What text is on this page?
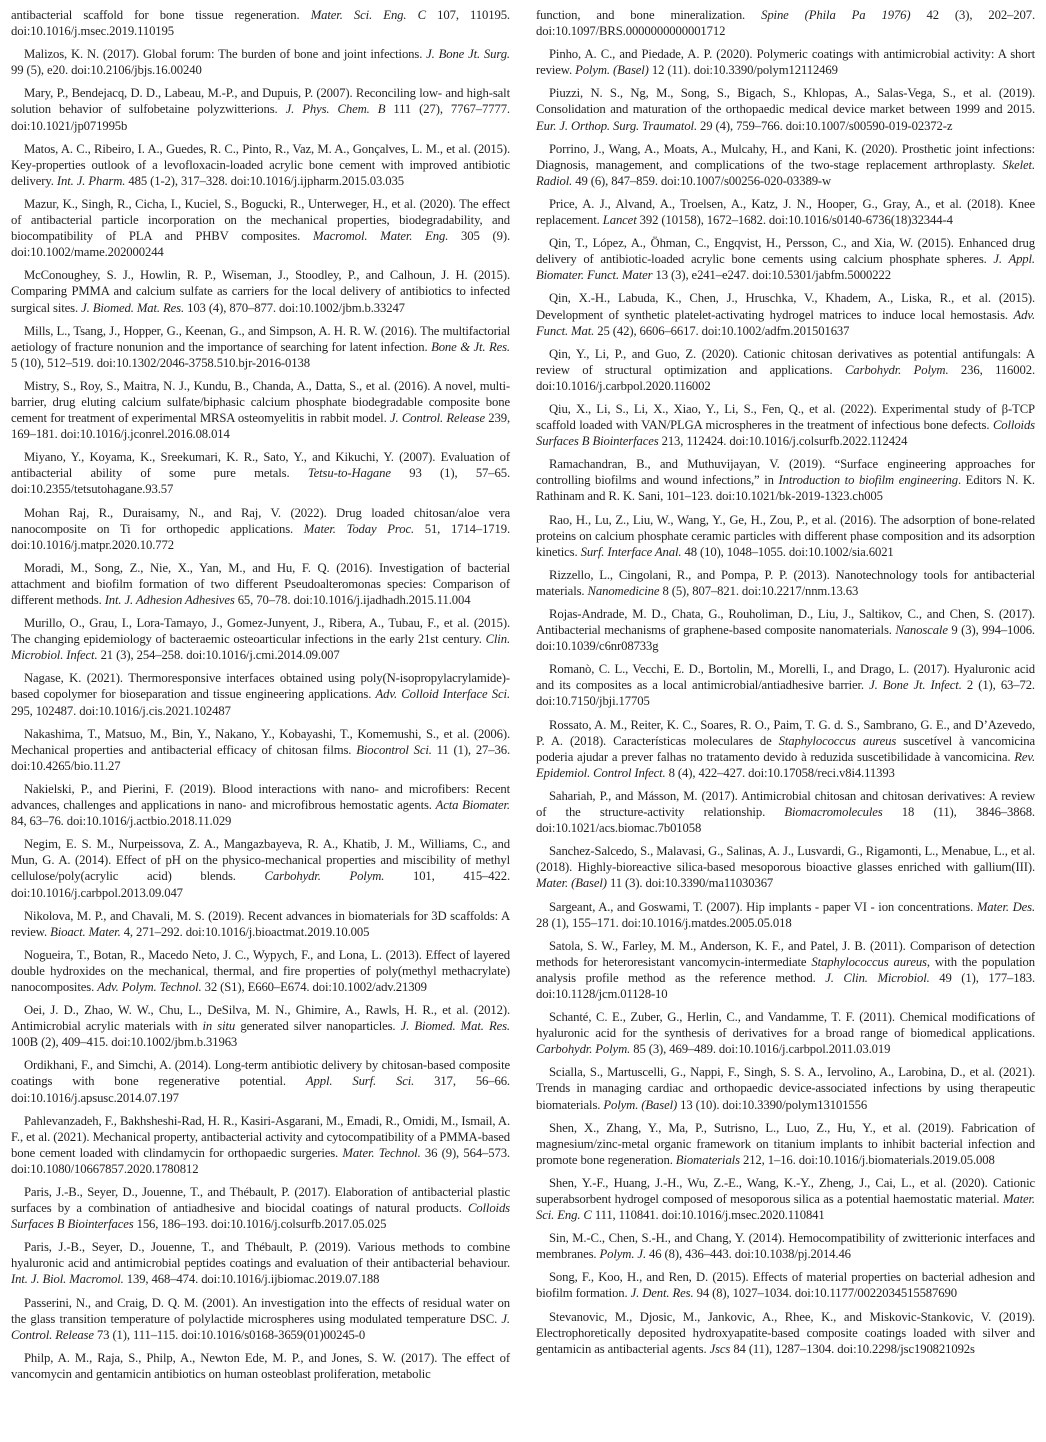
antibacterial scaffold for bone tissue regeneration. Mater. Sci. Eng. C 107, 110195. doi:10.1016/j.msec.2019.110195

Malizos, K. N. (2017). Global forum: The burden of bone and joint infections. J. Bone Jt. Surg. 99 (5), e20. doi:10.2106/jbjs.16.00240

Mary, P., Bendejacq, D. D., Labeau, M.-P., and Dupuis, P. (2007). Reconciling low- and high-salt solution behavior of sulfobetaine polyzwitterions. J. Phys. Chem. B 111 (27), 7767–7777. doi:10.1021/jp071995b

Matos, A. C., Ribeiro, I. A., Guedes, R. C., Pinto, R., Vaz, M. A., Gonçalves, L. M., et al. (2015). Key-properties outlook of a levofloxacin-loaded acrylic bone cement with improved antibiotic delivery. Int. J. Pharm. 485 (1-2), 317–328. doi:10.1016/j.ijpharm.2015.03.035

Mazur, K., Singh, R., Cicha, I., Kuciel, S., Bogucki, R., Unterweger, H., et al. (2020). The effect of antibacterial particle incorporation on the mechanical properties, biodegradability, and biocompatibility of PLA and PHBV composites. Macromol. Mater. Eng. 305 (9). doi:10.1002/mame.202000244

McConoughey, S. J., Howlin, R. P., Wiseman, J., Stoodley, P., and Calhoun, J. H. (2015). Comparing PMMA and calcium sulfate as carriers for the local delivery of antibiotics to infected surgical sites. J. Biomed. Mat. Res. 103 (4), 870–877. doi:10.1002/jbm.b.33247

Mills, L., Tsang, J., Hopper, G., Keenan, G., and Simpson, A. H. R. W. (2016). The multifactorial aetiology of fracture nonunion and the importance of searching for latent infection. Bone & Jt. Res. 5 (10), 512–519. doi:10.1302/2046-3758.510.bjr-2016-0138

Mistry, S., Roy, S., Maitra, N. J., Kundu, B., Chanda, A., Datta, S., et al. (2016). A novel, multi-barrier, drug eluting calcium sulfate/biphasic calcium phosphate biodegradable composite bone cement for treatment of experimental MRSA osteomyelitis in rabbit model. J. Control. Release 239, 169–181. doi:10.1016/j.jconrel.2016.08.014

Miyano, Y., Koyama, K., Sreekumari, K. R., Sato, Y., and Kikuchi, Y. (2007). Evaluation of antibacterial ability of some pure metals. Tetsu-to-Hagane 93 (1), 57–65. doi:10.2355/tetsutohagane.93.57

Mohan Raj, R., Duraisamy, N., and Raj, V. (2022). Drug loaded chitosan/aloe vera nanocomposite on Ti for orthopedic applications. Mater. Today Proc. 51, 1714–1719. doi:10.1016/j.matpr.2020.10.772

Moradi, M., Song, Z., Nie, X., Yan, M., and Hu, F. Q. (2016). Investigation of bacterial attachment and biofilm formation of two different Pseudoalteromonas species: Comparison of different methods. Int. J. Adhesion Adhesives 65, 70–78. doi:10.1016/j.ijadhadh.2015.11.004

Murillo, O., Grau, I., Lora-Tamayo, J., Gomez-Junyent, J., Ribera, A., Tubau, F., et al. (2015). The changing epidemiology of bacteraemic osteoarticular infections in the early 21st century. Clin. Microbiol. Infect. 21 (3), 254–258. doi:10.1016/j.cmi.2014.09.007

Nagase, K. (2021). Thermoresponsive interfaces obtained using poly(N-isopropylacrylamide)-based copolymer for bioseparation and tissue engineering applications. Adv. Colloid Interface Sci. 295, 102487. doi:10.1016/j.cis.2021.102487

Nakashima, T., Matsuo, M., Bin, Y., Nakano, Y., Kobayashi, T., Komemushi, S., et al. (2006). Mechanical properties and antibacterial efficacy of chitosan films. Biocontrol Sci. 11 (1), 27–36. doi:10.4265/bio.11.27

Nakielski, P., and Pierini, F. (2019). Blood interactions with nano- and microfibers: Recent advances, challenges and applications in nano- and microfibrous hemostatic agents. Acta Biomater. 84, 63–76. doi:10.1016/j.actbio.2018.11.029

Negim, E. S. M., Nurpeissova, Z. A., Mangazbayeva, R. A., Khatib, J. M., Williams, C., and Mun, G. A. (2014). Effect of pH on the physico-mechanical properties and miscibility of methyl cellulose/poly(acrylic acid) blends. Carbohydr. Polym. 101, 415–422. doi:10.1016/j.carbpol.2013.09.047

Nikolova, M. P., and Chavali, M. S. (2019). Recent advances in biomaterials for 3D scaffolds: A review. Bioact. Mater. 4, 271–292. doi:10.1016/j.bioactmat.2019.10.005

Nogueira, T., Botan, R., Macedo Neto, J. C., Wypych, F., and Lona, L. (2013). Effect of layered double hydroxides on the mechanical, thermal, and fire properties of poly(methyl methacrylate) nanocomposites. Adv. Polym. Technol. 32 (S1), E660–E674. doi:10.1002/adv.21309

Oei, J. D., Zhao, W. W., Chu, L., DeSilva, M. N., Ghimire, A., Rawls, H. R., et al. (2012). Antimicrobial acrylic materials with in situ generated silver nanoparticles. J. Biomed. Mat. Res. 100B (2), 409–415. doi:10.1002/jbm.b.31963

Ordikhani, F., and Simchi, A. (2014). Long-term antibiotic delivery by chitosan-based composite coatings with bone regenerative potential. Appl. Surf. Sci. 317, 56–66. doi:10.1016/j.apsusc.2014.07.197

Pahlevanzadeh, F., Bakhsheshi-Rad, H. R., Kasiri-Asgarani, M., Emadi, R., Omidi, M., Ismail, A. F., et al. (2021). Mechanical property, antibacterial activity and cytocompatibility of a PMMA-based bone cement loaded with clindamycin for orthopaedic surgeries. Mater. Technol. 36 (9), 564–573. doi:10.1080/10667857.2020.1780812

Paris, J.-B., Seyer, D., Jouenne, T., and Thébault, P. (2017). Elaboration of antibacterial plastic surfaces by a combination of antiadhesive and biocidal coatings of natural products. Colloids Surfaces B Biointerfaces 156, 186–193. doi:10.1016/j.colsurfb.2017.05.025

Paris, J.-B., Seyer, D., Jouenne, T., and Thébault, P. (2019). Various methods to combine hyaluronic acid and antimicrobial peptides coatings and evaluation of their antibacterial behaviour. Int. J. Biol. Macromol. 139, 468–474. doi:10.1016/j.ijbiomac.2019.07.188

Passerini, N., and Craig, D. Q. M. (2001). An investigation into the effects of residual water on the glass transition temperature of polylactide microspheres using modulated temperature DSC. J. Control. Release 73 (1), 111–115. doi:10.1016/s0168-3659(01)00245-0

Philp, A. M., Raja, S., Philp, A., Newton Ede, M. P., and Jones, S. W. (2017). The effect of vancomycin and gentamicin antibiotics on human osteoblast proliferation, metabolic

function, and bone mineralization. Spine (Phila Pa 1976) 42 (3), 202–207. doi:10.1097/BRS.0000000000001712

Pinho, A. C., and Piedade, A. P. (2020). Polymeric coatings with antimicrobial activity: A short review. Polym. (Basel) 12 (11). doi:10.3390/polym12112469

Piuzzi, N. S., Ng, M., Song, S., Bigach, S., Khlopas, A., Salas-Vega, S., et al. (2019). Consolidation and maturation of the orthopaedic medical device market between 1999 and 2015. Eur. J. Orthop. Surg. Traumatol. 29 (4), 759–766. doi:10.1007/s00590-019-02372-z

Porrino, J., Wang, A., Moats, A., Mulcahy, H., and Kani, K. (2020). Prosthetic joint infections: Diagnosis, management, and complications of the two-stage replacement arthroplasty. Skelet. Radiol. 49 (6), 847–859. doi:10.1007/s00256-020-03389-w

Price, A. J., Alvand, A., Troelsen, A., Katz, J. N., Hooper, G., Gray, A., et al. (2018). Knee replacement. Lancet 392 (10158), 1672–1682. doi:10.1016/s0140-6736(18)32344-4

Qin, T., López, A., Öhman, C., Engqvist, H., Persson, C., and Xia, W. (2015). Enhanced drug delivery of antibiotic-loaded acrylic bone cements using calcium phosphate spheres. J. Appl. Biomater. Funct. Mater 13 (3), e241–e247. doi:10.5301/jabfm.5000222

Qin, X.-H., Labuda, K., Chen, J., Hruschka, V., Khadem, A., Liska, R., et al. (2015). Development of synthetic platelet-activating hydrogel matrices to induce local hemostasis. Adv. Funct. Mat. 25 (42), 6606–6617. doi:10.1002/adfm.201501637

Qin, Y., Li, P., and Guo, Z. (2020). Cationic chitosan derivatives as potential antifungals: A review of structural optimization and applications. Carbohydr. Polym. 236, 116002. doi:10.1016/j.carbpol.2020.116002

Qiu, X., Li, S., Li, X., Xiao, Y., Li, S., Fen, Q., et al. (2022). Experimental study of β-TCP scaffold loaded with VAN/PLGA microspheres in the treatment of infectious bone defects. Colloids Surfaces B Biointerfaces 213, 112424. doi:10.1016/j.colsurfb.2022.112424

Ramachandran, B., and Muthuvijayan, V. (2019). “Surface engineering approaches for controlling biofilms and wound infections,” in Introduction to biofilm engineering. Editors N. K. Rathinam and R. K. Sani, 101–123. doi:10.1021/bk-2019-1323.ch005

Rao, H., Lu, Z., Liu, W., Wang, Y., Ge, H., Zou, P., et al. (2016). The adsorption of bone-related proteins on calcium phosphate ceramic particles with different phase composition and its adsorption kinetics. Surf. Interface Anal. 48 (10), 1048–1055. doi:10.1002/sia.6021

Rizzello, L., Cingolani, R., and Pompa, P. P. (2013). Nanotechnology tools for antibacterial materials. Nanomedicine 8 (5), 807–821. doi:10.2217/nnm.13.63

Rojas-Andrade, M. D., Chata, G., Rouholiman, D., Liu, J., Saltikov, C., and Chen, S. (2017). Antibacterial mechanisms of graphene-based composite nanomaterials. Nanoscale 9 (3), 994–1006. doi:10.1039/c6nr08733g

Romanò, C. L., Vecchi, E. D., Bortolin, M., Morelli, I., and Drago, L. (2017). Hyaluronic acid and its composites as a local antimicrobial/antiadhesive barrier. J. Bone Jt. Infect. 2 (1), 63–72. doi:10.7150/jbji.17705

Rossato, A. M., Reiter, K. C., Soares, R. O., Paim, T. G. d. S., Sambrano, G. E., and D’Azevedo, P. A. (2018). Características moleculares de Staphylococcus aureus suscetível à vancomicina poderia ajudar a prever falhas no tratamento devido à reduzida suscetibilidade à vancomicina. Rev. Epidemiol. Control Infect. 8 (4), 422–427. doi:10.17058/reci.v8i4.11393

Sahariah, P., and Másson, M. (2017). Antimicrobial chitosan and chitosan derivatives: A review of the structure-activity relationship. Biomacromolecules 18 (11), 3846–3868. doi:10.1021/acs.biomac.7b01058

Sanchez-Salcedo, S., Malavasi, G., Salinas, A. J., Lusvardi, G., Rigamonti, L., Menabue, L., et al. (2018). Highly-bioreactive silica-based mesoporous bioactive glasses enriched with gallium(III). Mater. (Basel) 11 (3). doi:10.3390/ma11030367

Sargeant, A., and Goswami, T. (2007). Hip implants - paper VI - ion concentrations. Mater. Des. 28 (1), 155–171. doi:10.1016/j.matdes.2005.05.018

Satola, S. W., Farley, M. M., Anderson, K. F., and Patel, J. B. (2011). Comparison of detection methods for heteroresistant vancomycin-intermediate Staphylococcus aureus, with the population analysis profile method as the reference method. J. Clin. Microbiol. 49 (1), 177–183. doi:10.1128/jcm.01128-10

Schanté, C. E., Zuber, G., Herlin, C., and Vandamme, T. F. (2011). Chemical modifications of hyaluronic acid for the synthesis of derivatives for a broad range of biomedical applications. Carbohydr. Polym. 85 (3), 469–489. doi:10.1016/j.carbpol.2011.03.019

Scialla, S., Martuscelli, G., Nappi, F., Singh, S. S. A., Iervolino, A., Larobina, D., et al. (2021). Trends in managing cardiac and orthopaedic device-associated infections by using therapeutic biomaterials. Polym. (Basel) 13 (10). doi:10.3390/polym13101556

Shen, X., Zhang, Y., Ma, P., Sutrisno, L., Luo, Z., Hu, Y., et al. (2019). Fabrication of magnesium/zinc-metal organic framework on titanium implants to inhibit bacterial infection and promote bone regeneration. Biomaterials 212, 1–16. doi:10.1016/j.biomaterials.2019.05.008

Shen, Y.-F., Huang, J.-H., Wu, Z.-E., Wang, K.-Y., Zheng, J., Cai, L., et al. (2020). Cationic superabsorbent hydrogel composed of mesoporous silica as a potential haemostatic material. Mater. Sci. Eng. C 111, 110841. doi:10.1016/j.msec.2020.110841

Sin, M.-C., Chen, S.-H., and Chang, Y. (2014). Hemocompatibility of zwitterionic interfaces and membranes. Polym. J. 46 (8), 436–443. doi:10.1038/pj.2014.46

Song, F., Koo, H., and Ren, D. (2015). Effects of material properties on bacterial adhesion and biofilm formation. J. Dent. Res. 94 (8), 1027–1034. doi:10.1177/0022034515587690

Stevanovic, M., Djosic, M., Jankovic, A., Rhee, K., and Miskovic-Stankovic, V. (2019). Electrophoretically deposited hydroxyapatite-based composite coatings loaded with silver and gentamicin as antibacterial agents. Jscs 84 (11), 1287–1304. doi:10.2298/jsc190821092s
